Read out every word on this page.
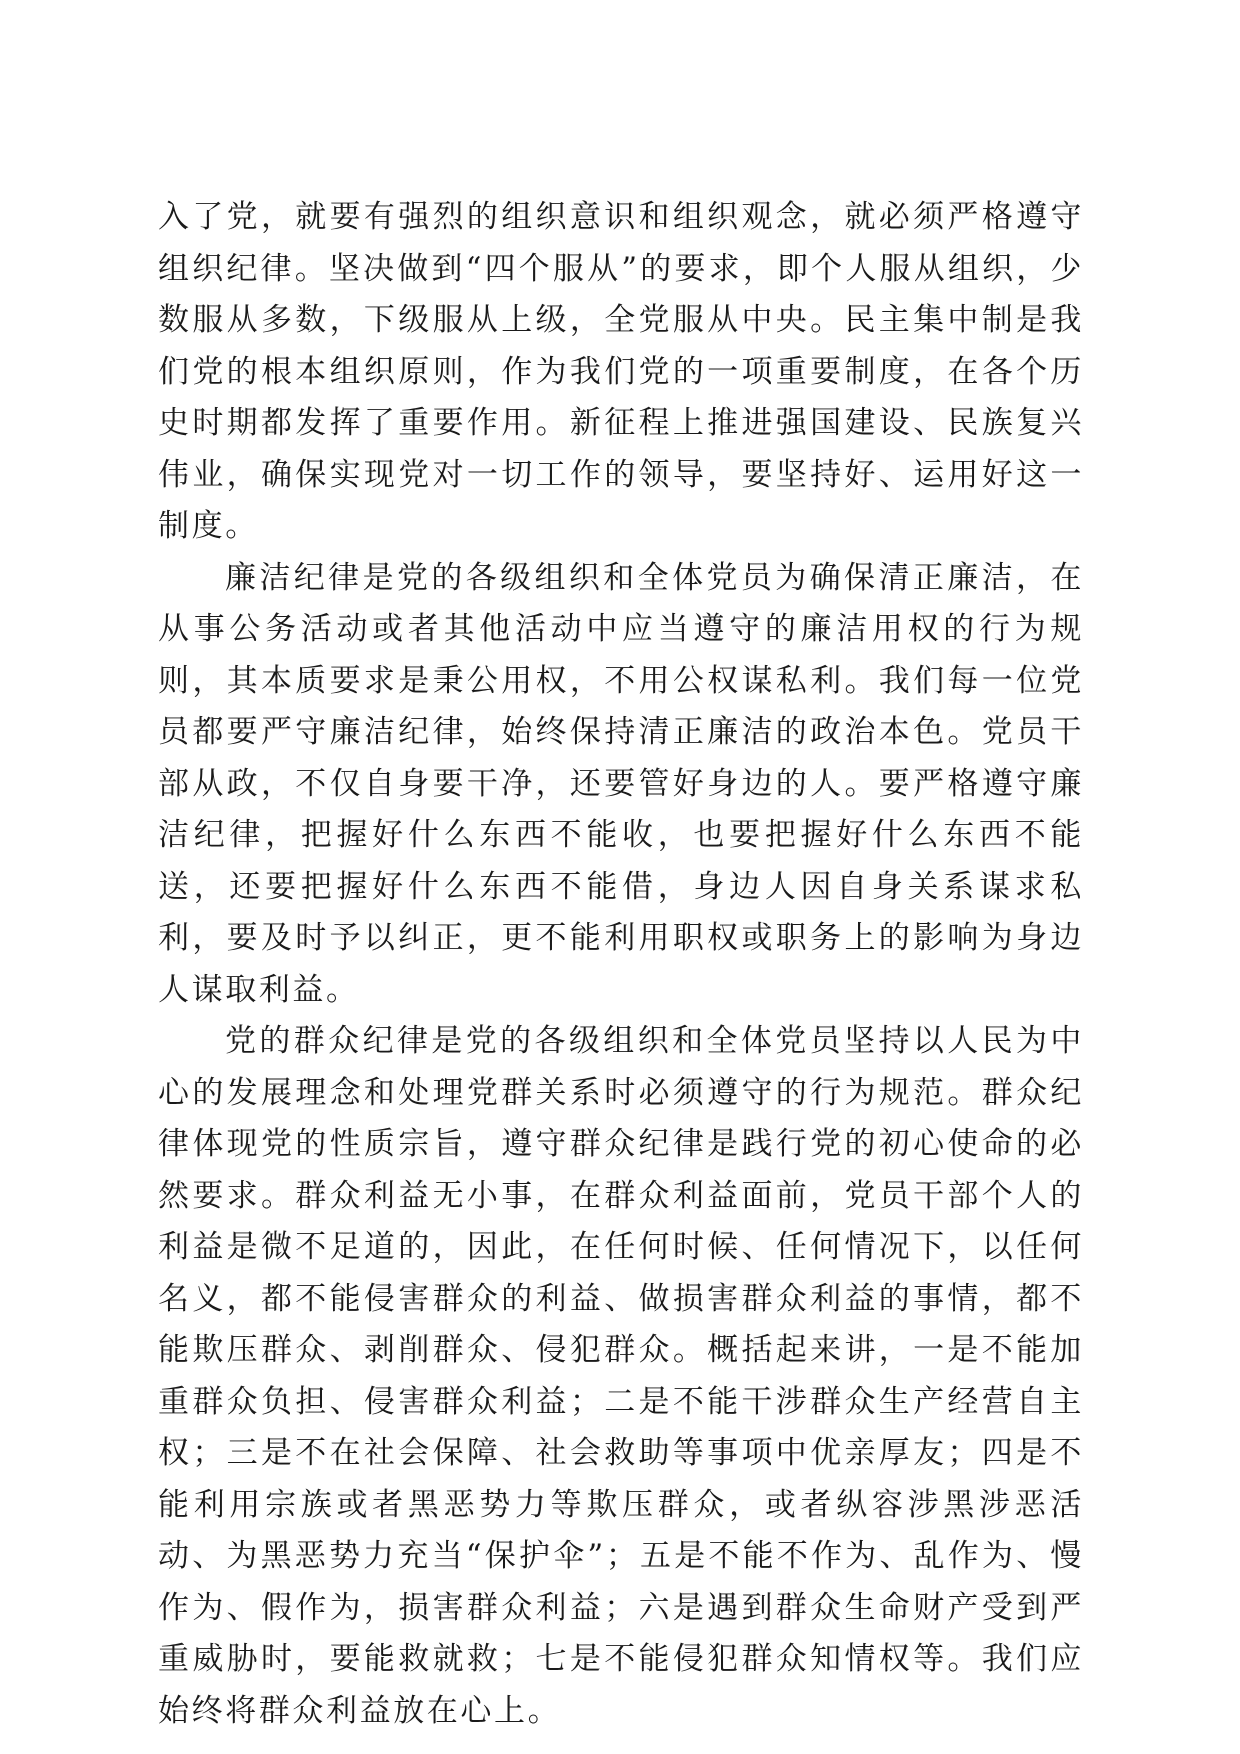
入了党，就要有强烈的组织意识和组织观念，就必须严格遵守组织纪律。坚决做到“四个服从”的要求，即个人服从组织，少数服从多数，下级服从上级，全党服从中央。民主集中制是我们党的根本组织原则，作为我们党的一项重要制度，在各个历史时期都发挥了重要作用。新征程上推进强国建设、民族复兴伟业，确保实现党对一切工作的领导，要坚持好、运用好这一制度。

廉洁纪律是党的各级组织和全体党员为确保清正廉洁，在从事公务活动或者其他活动中应当遵守的廉洁用权的行为规则，其本质要求是秉公用权，不用公权谋私利。我们每一位党员都要严守廉洁纪律，始终保持清正廉洁的政治本色。党员干部从政，不仅自身要干净，还要管好身边的人。要严格遵守廉洁纪律，把握好什么东西不能收，也要把握好什么东西不能送，还要把握好什么东西不能借，身边人因自身关系谋求私利，要及时予以纠正，更不能利用职权或职务上的影响为身边人谋取利益。

党的群众纪律是党的各级组织和全体党员坚持以人民为中心的发展理念和处理党群关系时必须遵守的行为规范。群众纪律体现党的性质宗旨，遵守群众纪律是践行党的初心使命的必然要求。群众利益无小事，在群众利益面前，党员干部个人的利益是微不足道的，因此，在任何时候、任何情况下，以任何名义，都不能侵害群众的利益、做损害群众利益的事情，都不能欺压群众、剥削群众、侵犯群众。概括起来讲，一是不能加重群众负担、侵害群众利益；二是不能干涉群众生产经营自主权；三是不在社会保障、社会救助等事项中优亲厚友；四是不能利用宗族或者黑恶势力等欺压群众，或者纵容涉黑涉恶活动、为黑恶势力充当“保护伞”；五是不能不作为、乱作为、慢作为、假作为，损害群众利益；六是遇到群众生命财产受到严重威胁时，要能救就救；七是不能侵犯群众知情权等。我们应始终将群众利益放在心上。
